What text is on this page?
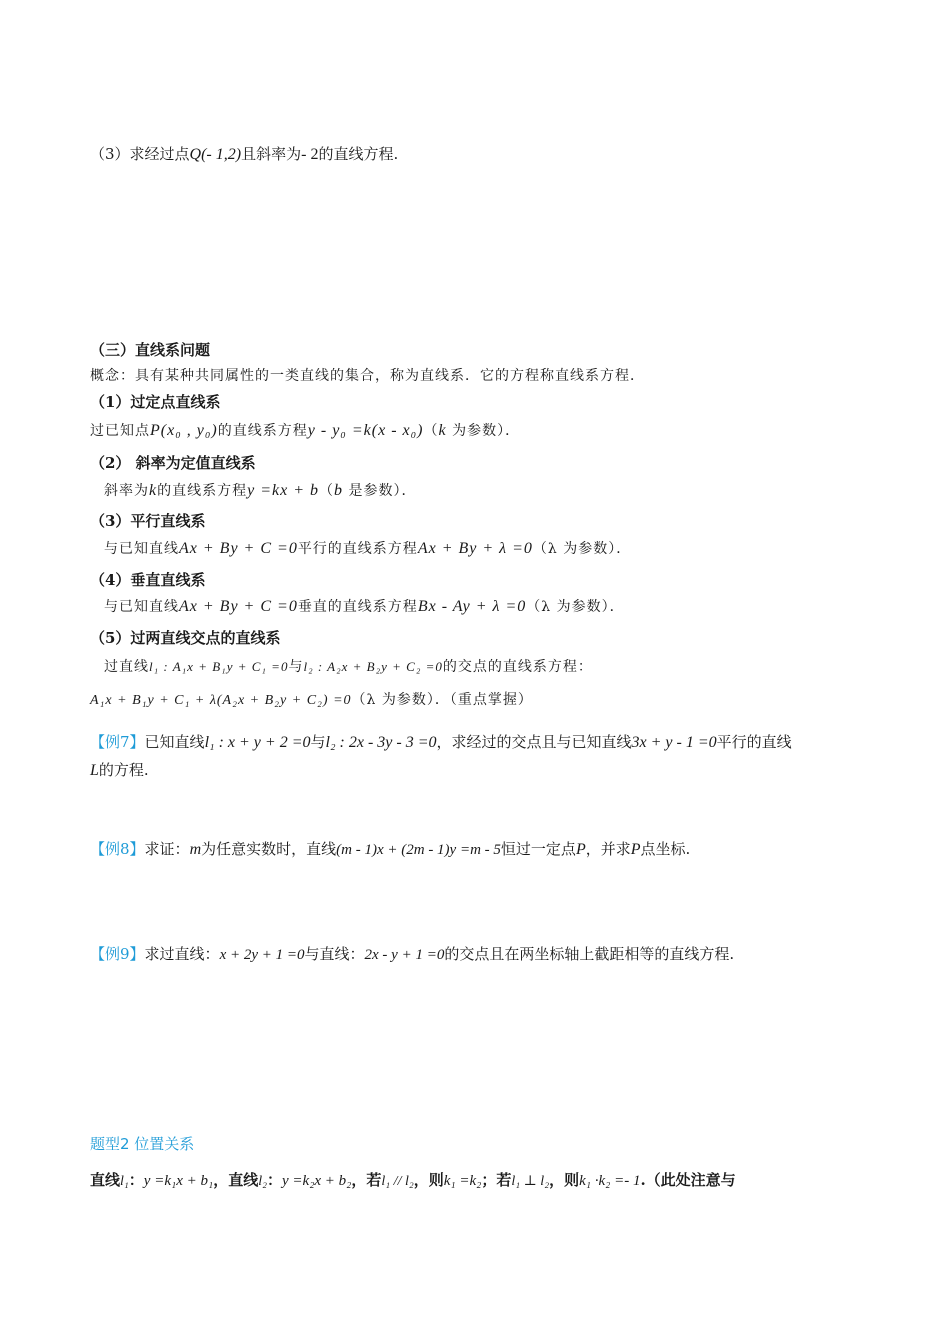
（3）求经过点Q(- 1,2)且斜率为- 2的直线方程.
（三）直线系问题
概念：具有某种共同属性的一类直线的集合，称为直线系．它的方程称直线系方程．
（1）过定点直线系
过已知点P(x₀ , y₀)的直线系方程y - y₀ =k(x - x₀)（k 为参数）．
（2） 斜率为定值直线系
斜率为k的直线系方程y =kx + b（b 是参数）．
（3）平行直线系
与已知直线Ax + By + C =0平行的直线系方程Ax + By + λ =0（λ 为参数）．
（4）垂直直线系
与已知直线Ax + By + C =0垂直的直线系方程Bx - Ay + λ =0（λ 为参数）．
（5）过两直线交点的直线系
过直线l₁ : A₁x + B₁y + C₁ =0与l₂ : A₂x + B₂y + C₂ =0的交点的直线系方程：
A₁x + B₁y + C₁ + λ(A₂x + B₂y + C₂) =0（λ 为参数）．（重点掌握）
【例7】已知直线l₁ : x + y + 2 =0与l₂ : 2x - 3y - 3 =0，求经过的交点且与已知直线3x + y - 1 =0平行的直线
L的方程.
【例8】求证：m为任意实数时，直线(m - 1)x + (2m - 1)y =m - 5恒过一定点P，并求P点坐标.
【例9】求过直线：x + 2y + 1 =0与直线：2x - y + 1 =0的交点且在两坐标轴上截距相等的直线方程.
题型2 位置关系
直线l₁：y =k₁x + b₁，直线l₂：y =k₂x + b₂，若l₁ // l₂，则k₁ =k₂；若l₁ ⊥ l₂，则k₁ ·k₂ =- 1.（此处注意与
